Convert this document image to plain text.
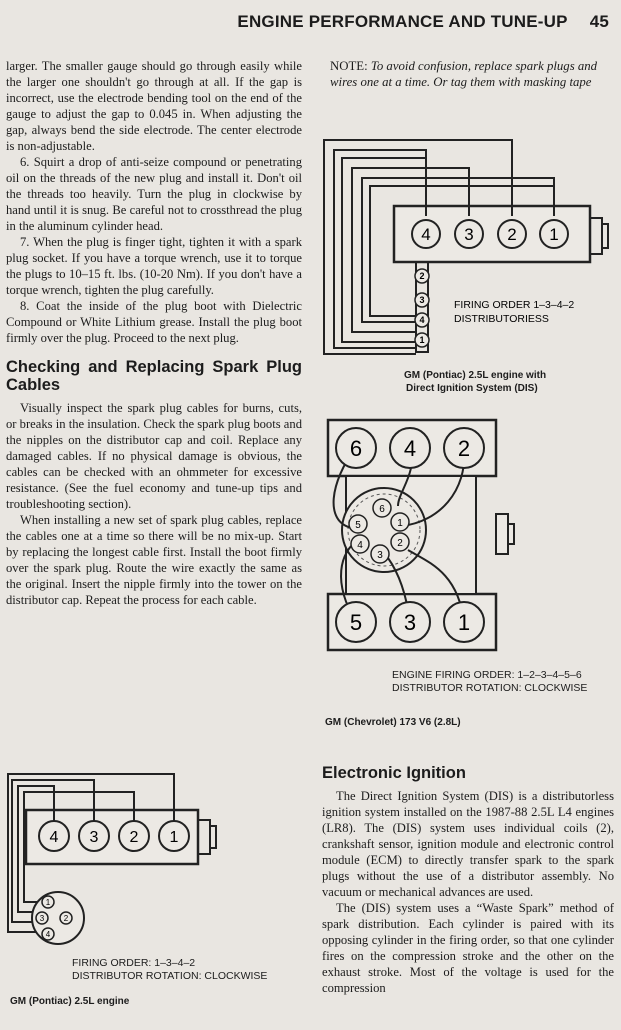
ENGINE PERFORMANCE AND TUNE-UP 45

larger. The smaller gauge should go through easily while the larger one shouldn't go through at all. If the gap is incorrect, use the electrode bending tool on the end of the gauge to adjust the gap to 0.045 in. When adjusting the gap, always bend the side electrode. The center electrode is non-adjustable.

6. Squirt a drop of anti-seize compound or penetrating oil on the threads of the new plug and install it. Don't oil the threads too heavily. Turn the plug in clockwise by hand until it is snug. Be careful not to crossthread the plug in the aluminum cylinder head.

7. When the plug is finger tight, tighten it with a spark plug socket. If you have a torque wrench, use it to torque the plugs to 10–15 ft. lbs. (10-20 Nm). If you don't have a torque wrench, tighten the plug carefully.

8. Coat the inside of the plug boot with Dielectric Compound or White Lithium grease. Install the plug boot firmly over the plug. Proceed to the next plug.

Checking and Replacing Spark Plug Cables

Visually inspect the spark plug cables for burns, cuts, or breaks in the insulation. Check the spark plug boots and the nipples on the distributor cap and coil. Replace any damaged cables. If no physical damage is obvious, the cables can be checked with an ohmmeter for excessive resistance. (See the fuel economy and tune-up tips and troubleshooting section).

When installing a new set of spark plug cables, replace the cables one at a time so there will be no mix-up. Start by replacing the longest cable first. Install the boot firmly over the spark plug. Route the wire exactly the same as the original. Insert the nipple firmly into the tower on the distributor cap. Repeat the process for each cable.

NOTE: To avoid confusion, replace spark plugs and wires one at a time. Or tag them with masking tape
4 3 2 1
2
3
4
1
FIRING ORDER 1–3–4–2
DISTRIBUTORIESS
GM (Pontiac) 2.5L engine with
Direct Ignition System (DIS)
6 4 2
5 3 1
6
1
5
2
4
3
ENGINE FIRING ORDER: 1–2–3–4–5–6
DISTRIBUTOR ROTATION: CLOCKWISE
GM (Chevrolet) 173 V6 (2.8L)
Electronic Ignition

The Direct Ignition System (DIS) is a distributorless ignition system installed on the 1987-88 2.5L L4 engines (LR8). The (DIS) system uses individual coils (2), crankshaft sensor, ignition module and electronic control module (ECM) to directly transfer spark to the spark plugs without the use of a distributor assembly. No vacuum or mechanical advances are used.

The (DIS) system uses a “Waste Spark” method of spark distribution. Each cylinder is paired with its opposing cylinder in the firing order, so that one cylinder fires on the compression stroke and the other on the exhaust stroke. Most of the voltage is used for the compression

4 3 2 1
1
3
4
2
FIRING ORDER: 1–3–4–2
DISTRIBUTOR ROTATION: CLOCKWISE
GM (Pontiac) 2.5L engine
